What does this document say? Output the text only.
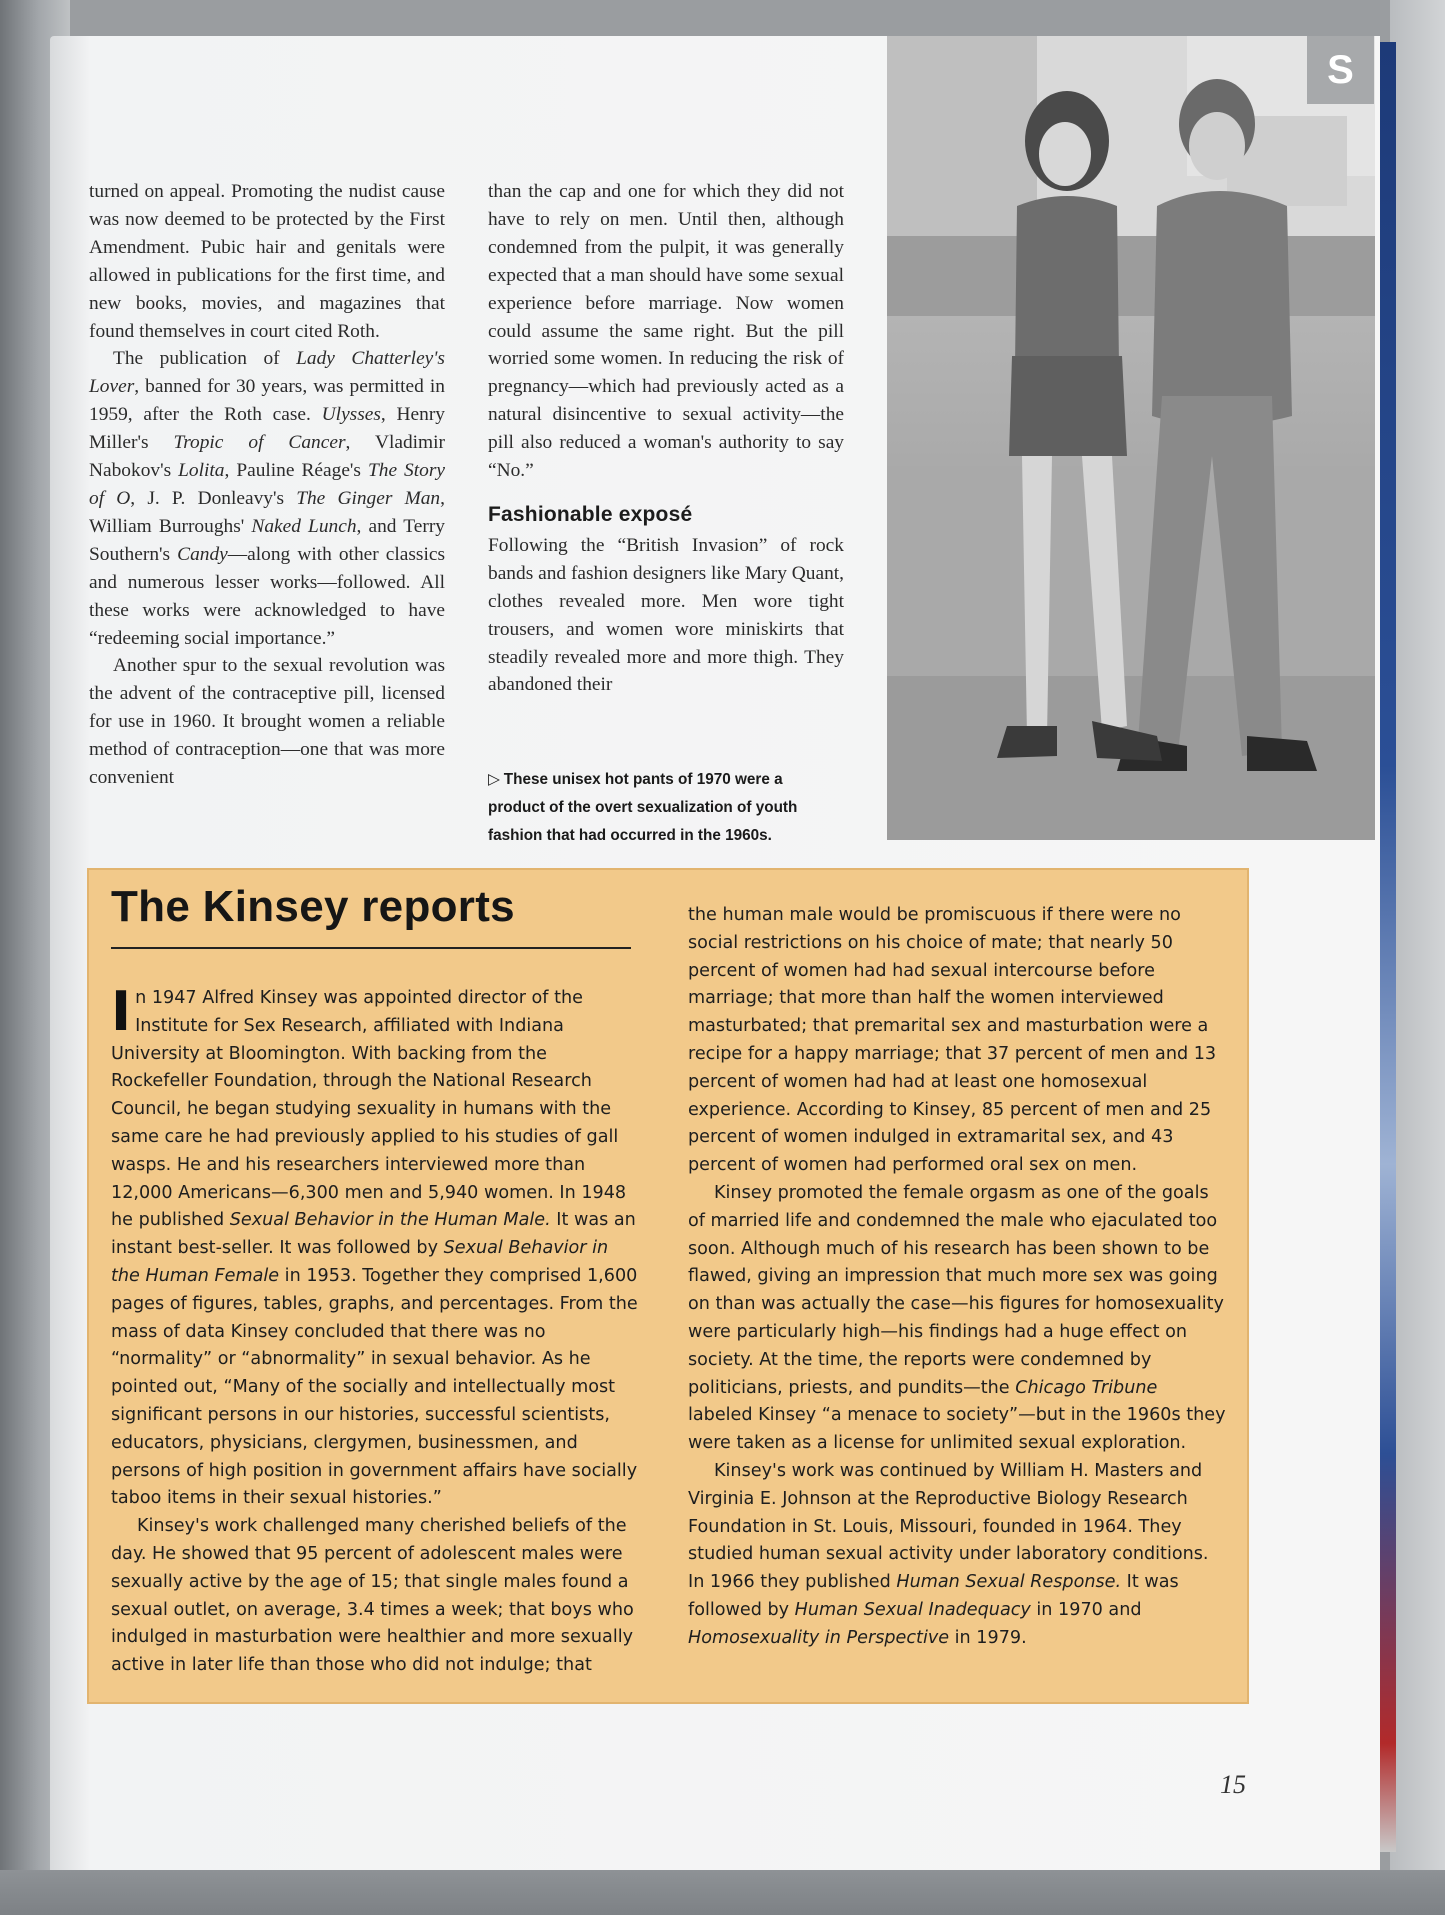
turned on appeal. Promoting the nudist cause was now deemed to be protected by the First Amendment. Pubic hair and genitals were allowed in publications for the first time, and new books, movies, and magazines that found themselves in court cited Roth.

The publication of Lady Chatterley's Lover, banned for 30 years, was permitted in 1959, after the Roth case. Ulysses, Henry Miller's Tropic of Cancer, Vladimir Nabokov's Lolita, Pauline Réage's The Story of O, J. P. Donleavy's The Ginger Man, William Burroughs' Naked Lunch, and Terry Southern's Candy—along with other classics and numerous lesser works—followed. All these works were acknowledged to have “redeeming social importance.”

Another spur to the sexual revolution was the advent of the contraceptive pill, licensed for use in 1960. It brought women a reliable method of contraception—one that was more convenient

than the cap and one for which they did not have to rely on men. Until then, although condemned from the pulpit, it was generally expected that a man should have some sexual experience before marriage. Now women could assume the same right. But the pill worried some women. In reducing the risk of pregnancy—which had previously acted as a natural disincentive to sexual activity—the pill also reduced a woman's authority to say “No.”

Fashionable exposé

Following the “British Invasion” of rock bands and fashion designers like Mary Quant, clothes revealed more. Men wore tight trousers, and women wore miniskirts that steadily revealed more and more thigh. They abandoned their

▷ These unisex hot pants of 1970 were a product of the overt sexualization of youth fashion that had occurred in the 1960s.
S
The Kinsey reports

In 1947 Alfred Kinsey was appointed director of the Institute for Sex Research, affiliated with Indiana University at Bloomington. With backing from the Rockefeller Foundation, through the National Research Council, he began studying sexuality in humans with the same care he had previously applied to his studies of gall wasps. He and his researchers interviewed more than 12,000 Americans—6,300 men and 5,940 women. In 1948 he published Sexual Behavior in the Human Male. It was an instant best-seller. It was followed by Sexual Behavior in the Human Female in 1953. Together they comprised 1,600 pages of figures, tables, graphs, and percentages. From the mass of data Kinsey concluded that there was no “normality” or “abnormality” in sexual behavior. As he pointed out, “Many of the socially and intellectually most significant persons in our histories, successful scientists, educators, physicians, clergymen, businessmen, and persons of high position in government affairs have socially taboo items in their sexual histories.”

Kinsey's work challenged many cherished beliefs of the day. He showed that 95 percent of adolescent males were sexually active by the age of 15; that single males found a sexual outlet, on average, 3.4 times a week; that boys who indulged in masturbation were healthier and more sexually active in later life than those who did not indulge; that

the human male would be promiscuous if there were no social restrictions on his choice of mate; that nearly 50 percent of women had had sexual intercourse before marriage; that more than half the women interviewed masturbated; that premarital sex and masturbation were a recipe for a happy marriage; that 37 percent of men and 13 percent of women had had at least one homosexual experience. According to Kinsey, 85 percent of men and 25 percent of women indulged in extramarital sex, and 43 percent of women had performed oral sex on men.

Kinsey promoted the female orgasm as one of the goals of married life and condemned the male who ejaculated too soon. Although much of his research has been shown to be flawed, giving an impression that much more sex was going on than was actually the case—his figures for homosexuality were particularly high—his findings had a huge effect on society. At the time, the reports were condemned by politicians, priests, and pundits—the Chicago Tribune labeled Kinsey “a menace to society”—but in the 1960s they were taken as a license for unlimited sexual exploration.

Kinsey's work was continued by William H. Masters and Virginia E. Johnson at the Reproductive Biology Research Foundation in St. Louis, Missouri, founded in 1964. They studied human sexual activity under laboratory conditions. In 1966 they published Human Sexual Response. It was followed by Human Sexual Inadequacy in 1970 and Homosexuality in Perspective in 1979.

15
